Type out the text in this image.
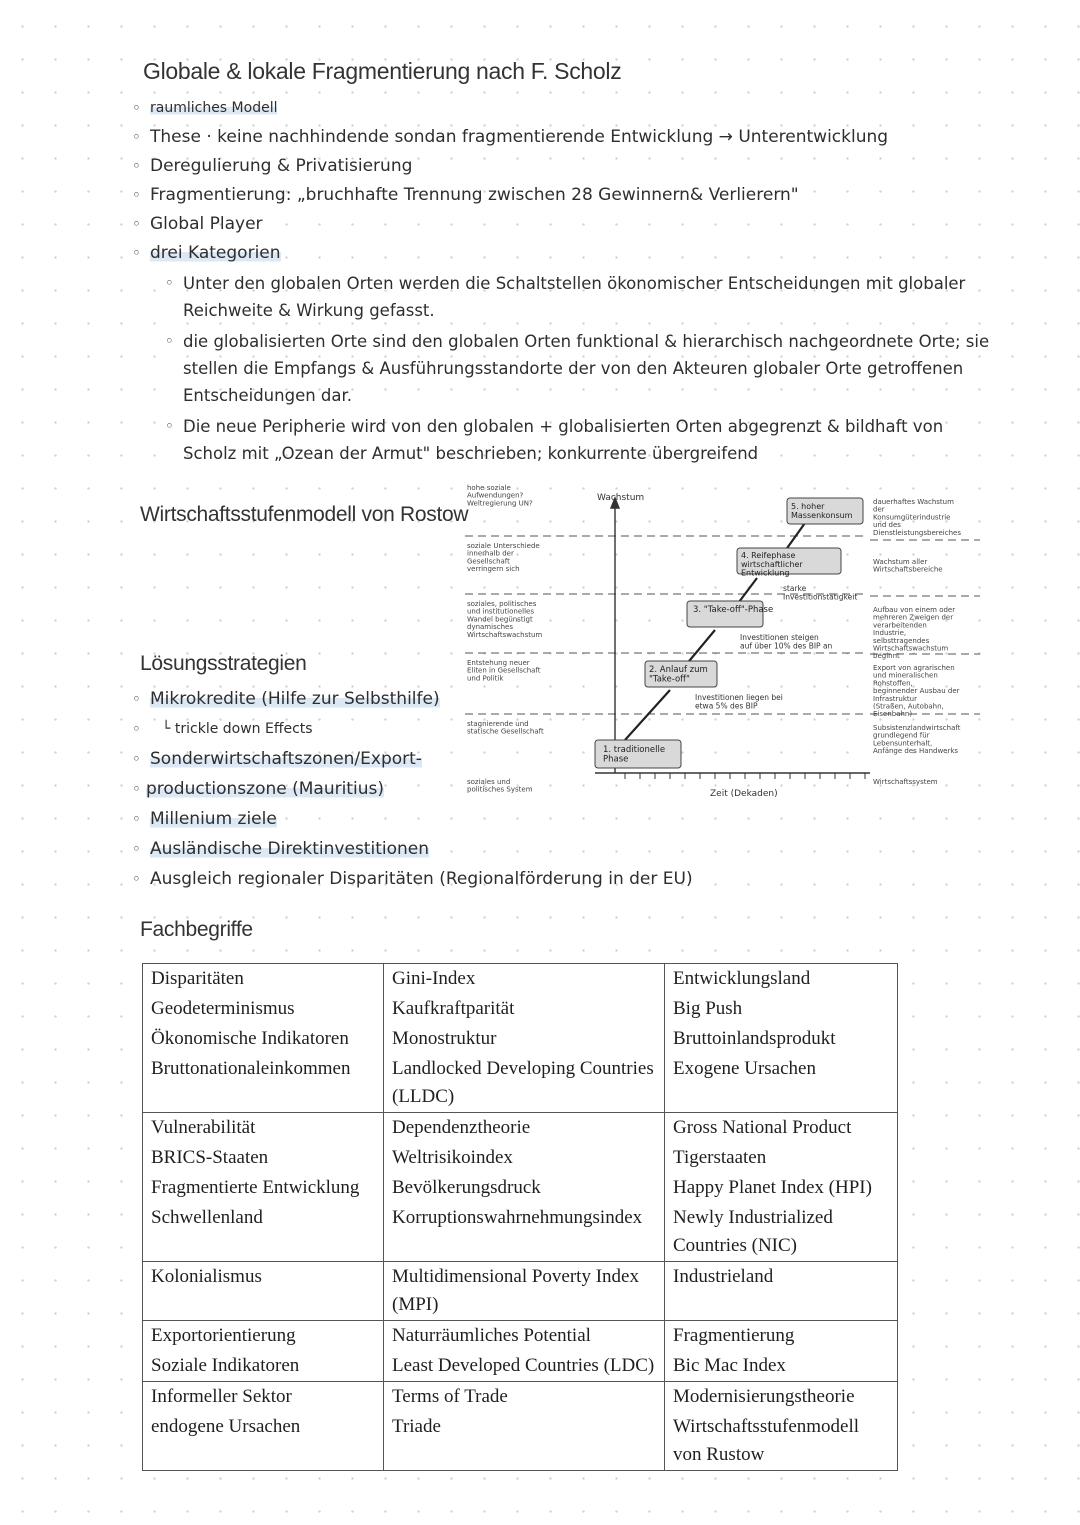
Globale & lokale Fragmentierung nach F. Scholz
◦ raumliches Modell
◦ These · keine nachhindende sondan fragmentierende Entwicklung → Unterentwicklung
◦ Deregulierung & Privatisierung
◦ Fragmentierung: „bruchhafte Trennung zwischen 28 Gewinnern& Verlierern"
◦ Global Player
◦ drei Kategorien
◦ Unter den globalen Orten werden die Schaltstellen ökonomischer Entscheidungen mit globaler Reichweite & Wirkung gefasst.
◦ die globalisierten Orte sind den globalen Orten funktional & hierarchisch nachgeordnete Orte; sie stellen die Empfangs & Ausführungsstandorte der von den Akteuren globaler Orte getroffenen Entscheidungen dar.
◦ Die neue Peripherie wird von den globalen + globalisierten Orten abgegrenzt & bildhaft von Scholz mit „Ozean der Armut" beschrieben; konkurrente übergreifend
Wirtschaftsstufenmodell von Rostow
Wachstum
Zeit (Dekaden)
1. traditionelle Phase
2. Anlauf zum "Take-off"
3. "Take-off"-Phase
4. Reifephase wirtschaftlicher Entwicklung
5. hoher Massenkonsum
Investitionen liegen bei etwa 5% des BIP
Investitionen steigen auf über 10% des BIP an
starke Investitionstätigkeit
hohe soziale Aufwendungen? Weltregierung UN?
soziale Unterschiede innerhalb der Gesellschaft verringern sich
soziales, politisches und institutionelles Wandel begünstigt dynamisches Wirtschaftswachstum
Entstehung neuer Eliten in Gesellschaft und Politik
stagnierende und statische Gesellschaft
soziales und politisches System
dauerhaftes Wachstum der Konsumgüterindustrie und des Dienstleistungsbereiches
Wachstum aller Wirtschaftsbereiche
Aufbau von einem oder mehreren Zweigen der verarbeitenden Industrie, selbsttragendes Wirtschaftswachstum beginnt
Export von agrarischen und mineralischen Rohstoffen, beginnender Ausbau der Infrastruktur (Straßen, Autobahn, Eisenbahn)
Subsistenzlandwirtschaft grundlegend für Lebensunterhalt, Anfänge des Handwerks
Wirtschaftssystem
Lösungsstrategien
◦ Mikrokredite (Hilfe zur Selbsthilfe)
◦ └ trickle down Effects
◦ Sonderwirtschaftszonen/Export-
◦ productionszone (Mauritius)
◦ Millenium ziele
◦ Ausländische Direktinvestitionen
◦ Ausgleich regionaler Disparitäten (Regionalförderung in der EU)
Fachbegriffe
Disparitäten	Gini-Index	Entwicklungsland
Geodeterminismus	Kaufkraftparität	Big Push
Ökonomische Indikatoren	Monostruktur	Bruttoinlandsprodukt
Bruttonationaleinkommen	Landlocked Developing Countries (LLDC)	Exogene Ursachen
Vulnerabilität	Dependenztheorie	Gross National Product
BRICS-Staaten	Weltrisikoindex	Tigerstaaten
Fragmentierte Entwicklung	Bevölkerungsdruck	Happy Planet Index (HPI)
Schwellenland	Korruptionswahrnehmungsindex	Newly Industrialized Countries (NIC)
Kolonialismus	Multidimensional Poverty Index (MPI)	Industrieland
Exportorientierung	Naturräumliches Potential	Fragmentierung
Soziale Indikatoren	Least Developed Countries (LDC)	Bic Mac Index
Informeller Sektor	Terms of Trade	Modernisierungstheorie
endogene Ursachen	Triade	Wirtschaftsstufenmodell von Rustow
